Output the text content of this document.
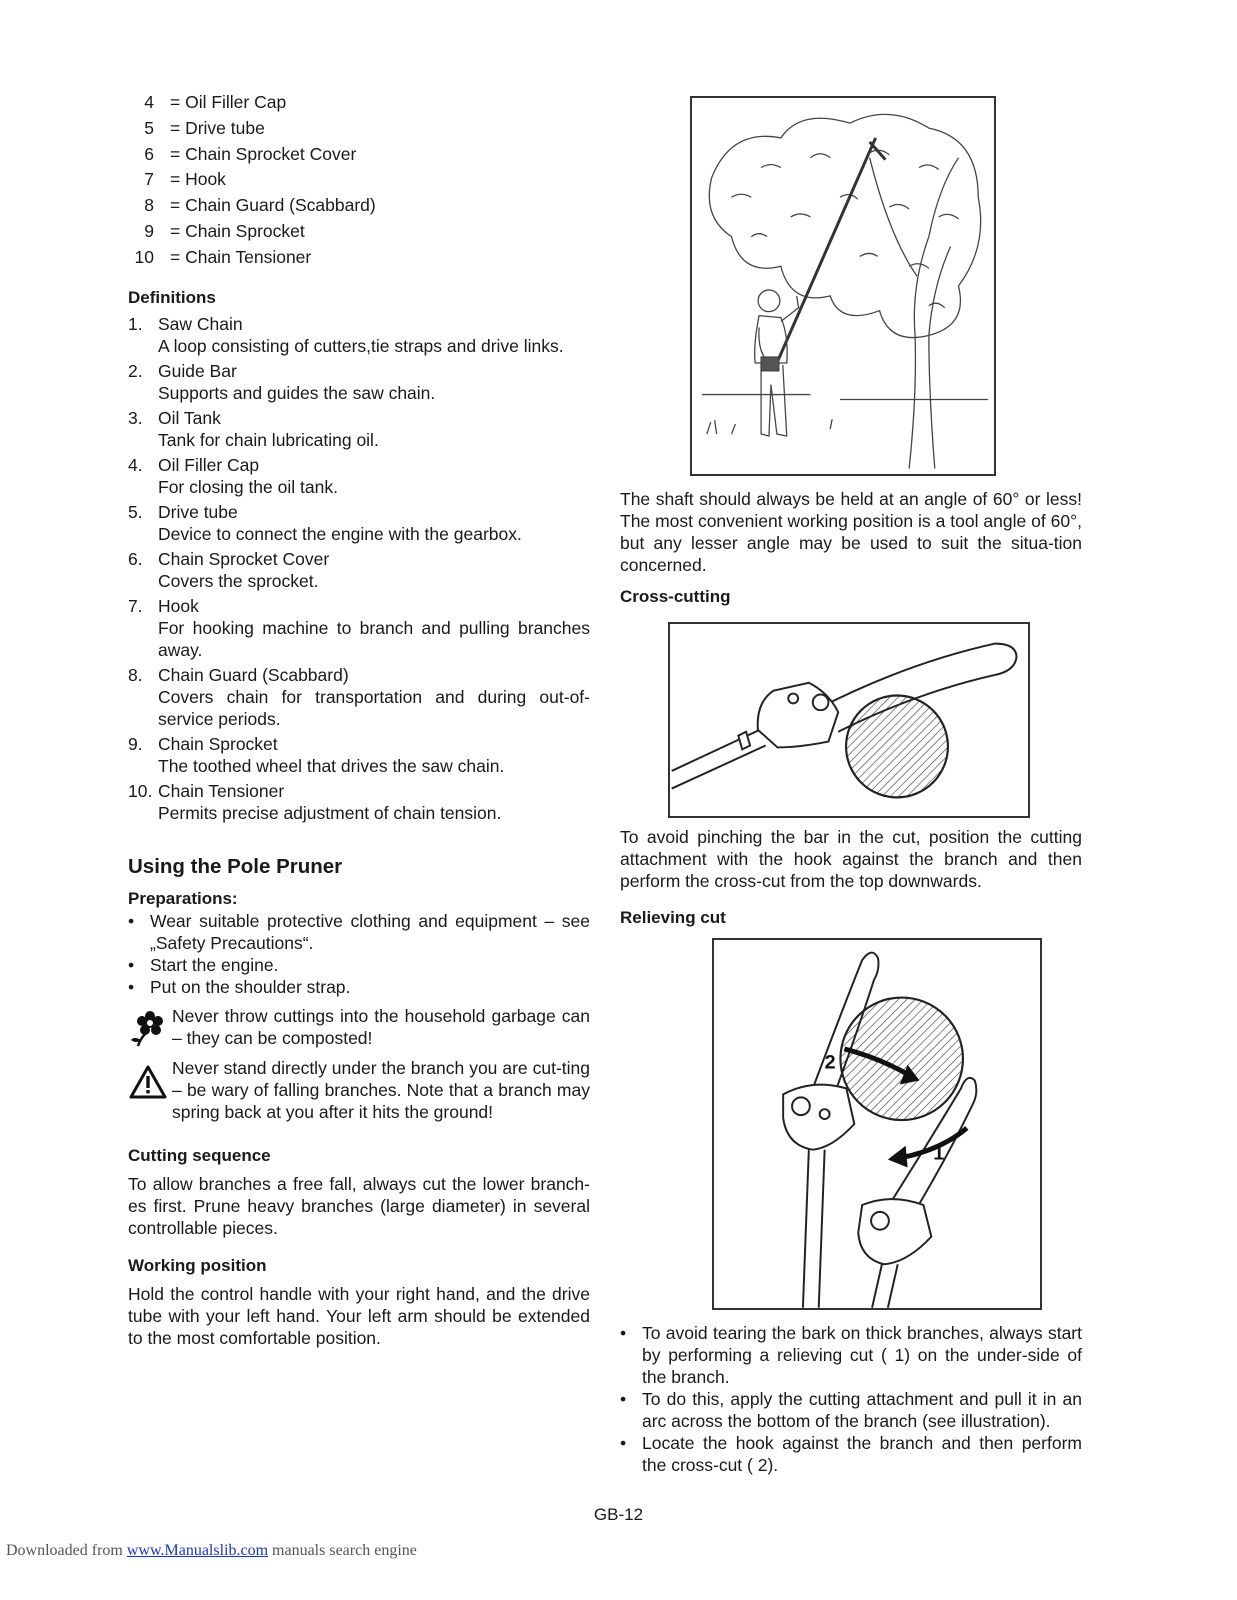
4 = Oil Filler Cap
5 = Drive tube
6 = Chain Sprocket Cover
7 = Hook
8 = Chain Guard (Scabbard)
9 = Chain Sprocket
10 = Chain Tensioner
Definitions
1. Saw Chain
A loop consisting of cutters,tie straps and drive links.
2. Guide Bar
Supports and guides the saw chain.
3. Oil Tank
Tank for chain lubricating oil.
4. Oil Filler Cap
For closing the oil tank.
5. Drive tube
Device to connect the engine with the gearbox.
6. Chain Sprocket Cover
Covers the sprocket.
7. Hook
For hooking machine to branch and pulling branches away.
8. Chain Guard (Scabbard)
Covers chain for transportation and during out-of-service periods.
9. Chain Sprocket
The toothed wheel that drives the saw chain.
10. Chain Tensioner
Permits precise adjustment of chain tension.
Using the Pole Pruner
Preparations:
• Wear suitable protective clothing and equipment – see „Safety Precautions“.
• Start the engine.
• Put on the shoulder strap.
Never throw cuttings into the household garbage can – they can be composted!
Never stand directly under the branch you are cut-ting – be wary of falling branches. Note that a branch may spring back at you after it hits the ground!
Cutting sequence

To allow branches a free fall, always cut the lower branch-es first. Prune heavy branches (large diameter) in several controllable pieces.

Working position

Hold the control handle with your right hand, and the drive tube with your left hand. Your left arm should be extended to the most comfortable position.

2
1

The shaft should always be held at an angle of 60° or less! The most convenient working position is a tool angle of 60°, but any lesser angle may be used to suit the situa-tion concerned.

Cross-cutting

To avoid pinching the bar in the cut, position the cutting attachment with the hook against the branch and then perform the cross-cut from the top downwards.

Relieving cut
• To avoid tearing the bark on thick branches, always start by performing a relieving cut ( 1) on the under-side of the branch.
• To do this, apply the cutting attachment and pull it in an arc across the bottom of the branch (see illustration).
• Locate the hook against the branch and then perform the cross-cut ( 2).
GB-12
Downloaded from www.Manualslib.com manuals search engine
